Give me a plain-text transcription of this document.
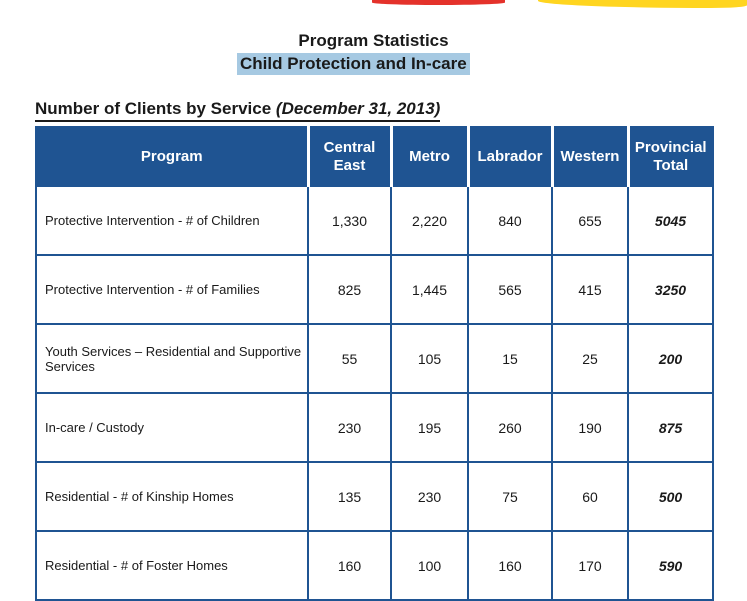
Program Statistics
Child Protection and In-care
Number of Clients by Service (December 31, 2013)
Program	Central East	Metro	Labrador	Western	Provincial Total
Protective Intervention - # of Children	1,330	2,220	840	655	5045
Protective Intervention - # of Families	825	1,445	565	415	3250
Youth Services – Residential and Supportive Services	55	105	15	25	200
In-care / Custody	230	195	260	190	875
Residential - # of Kinship Homes	135	230	75	60	500
Residential - # of Foster Homes	160	100	160	170	590
